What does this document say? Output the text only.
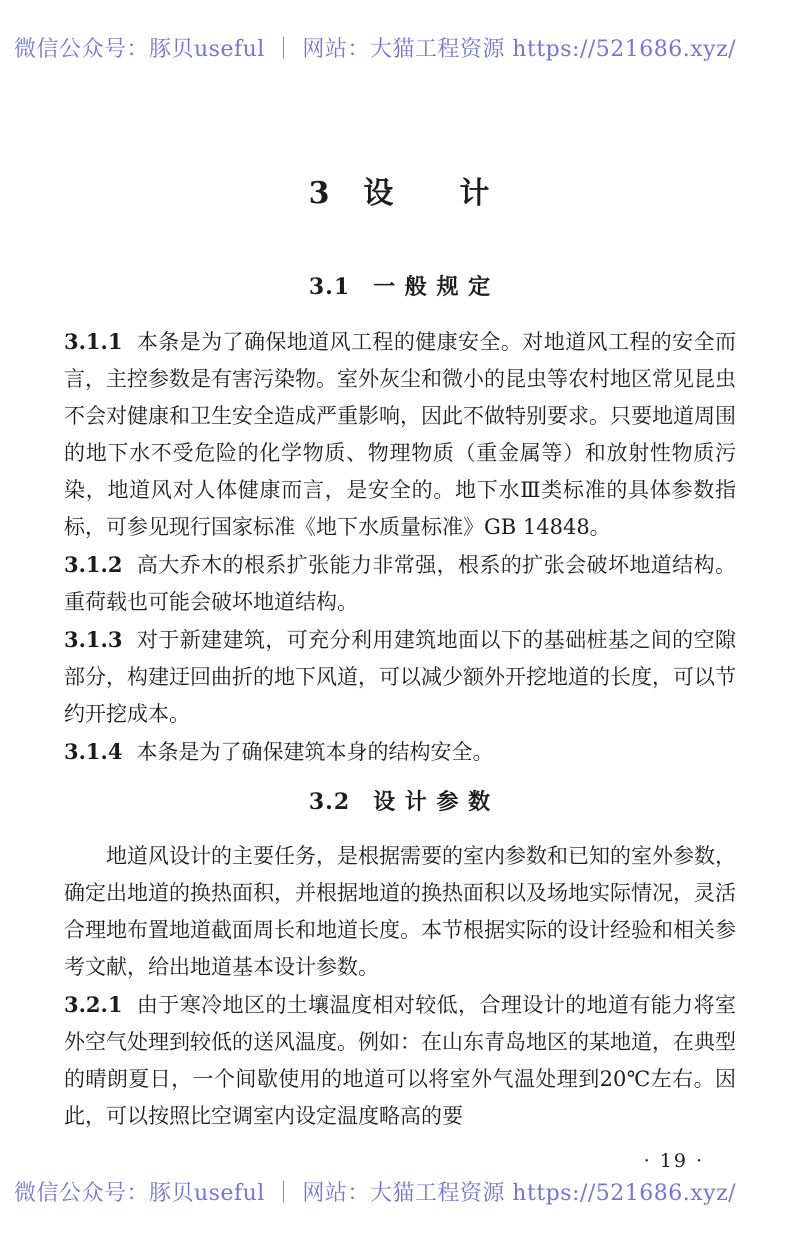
微信公众号：豚贝useful ｜ 网站：大猫工程资源 https://521686.xyz/
3　设　　计
3.1　一 般 规 定

3.1.1 本条是为了确保地道风工程的健康安全。对地道风工程的安全而言，主控参数是有害污染物。室外灰尘和微小的昆虫等农村地区常见昆虫不会对健康和卫生安全造成严重影响，因此不做特别要求。只要地道周围的地下水不受危险的化学物质、物理物质（重金属等）和放射性物质污染，地道风对人体健康而言，是安全的。地下水Ⅲ类标准的具体参数指标，可参见现行国家标准《地下水质量标准》GB 14848。

3.1.2 高大乔木的根系扩张能力非常强，根系的扩张会破坏地道结构。重荷载也可能会破坏地道结构。

3.1.3 对于新建建筑，可充分利用建筑地面以下的基础桩基之间的空隙部分，构建迂回曲折的地下风道，可以减少额外开挖地道的长度，可以节约开挖成本。

3.1.4 本条是为了确保建筑本身的结构安全。

3.2　设 计 参 数

地道风设计的主要任务，是根据需要的室内参数和已知的室外参数，确定出地道的换热面积，并根据地道的换热面积以及场地实际情况，灵活合理地布置地道截面周长和地道长度。本节根据实际的设计经验和相关参考文献，给出地道基本设计参数。

3.2.1 由于寒冷地区的土壤温度相对较低，合理设计的地道有能力将室外空气处理到较低的送风温度。例如：在山东青岛地区的某地道，在典型的晴朗夏日，一个间歇使用的地道可以将室外气温处理到20℃左右。因此，可以按照比空调室内设定温度略高的要

· 19 ·
微信公众号：豚贝useful ｜ 网站：大猫工程资源 https://521686.xyz/
